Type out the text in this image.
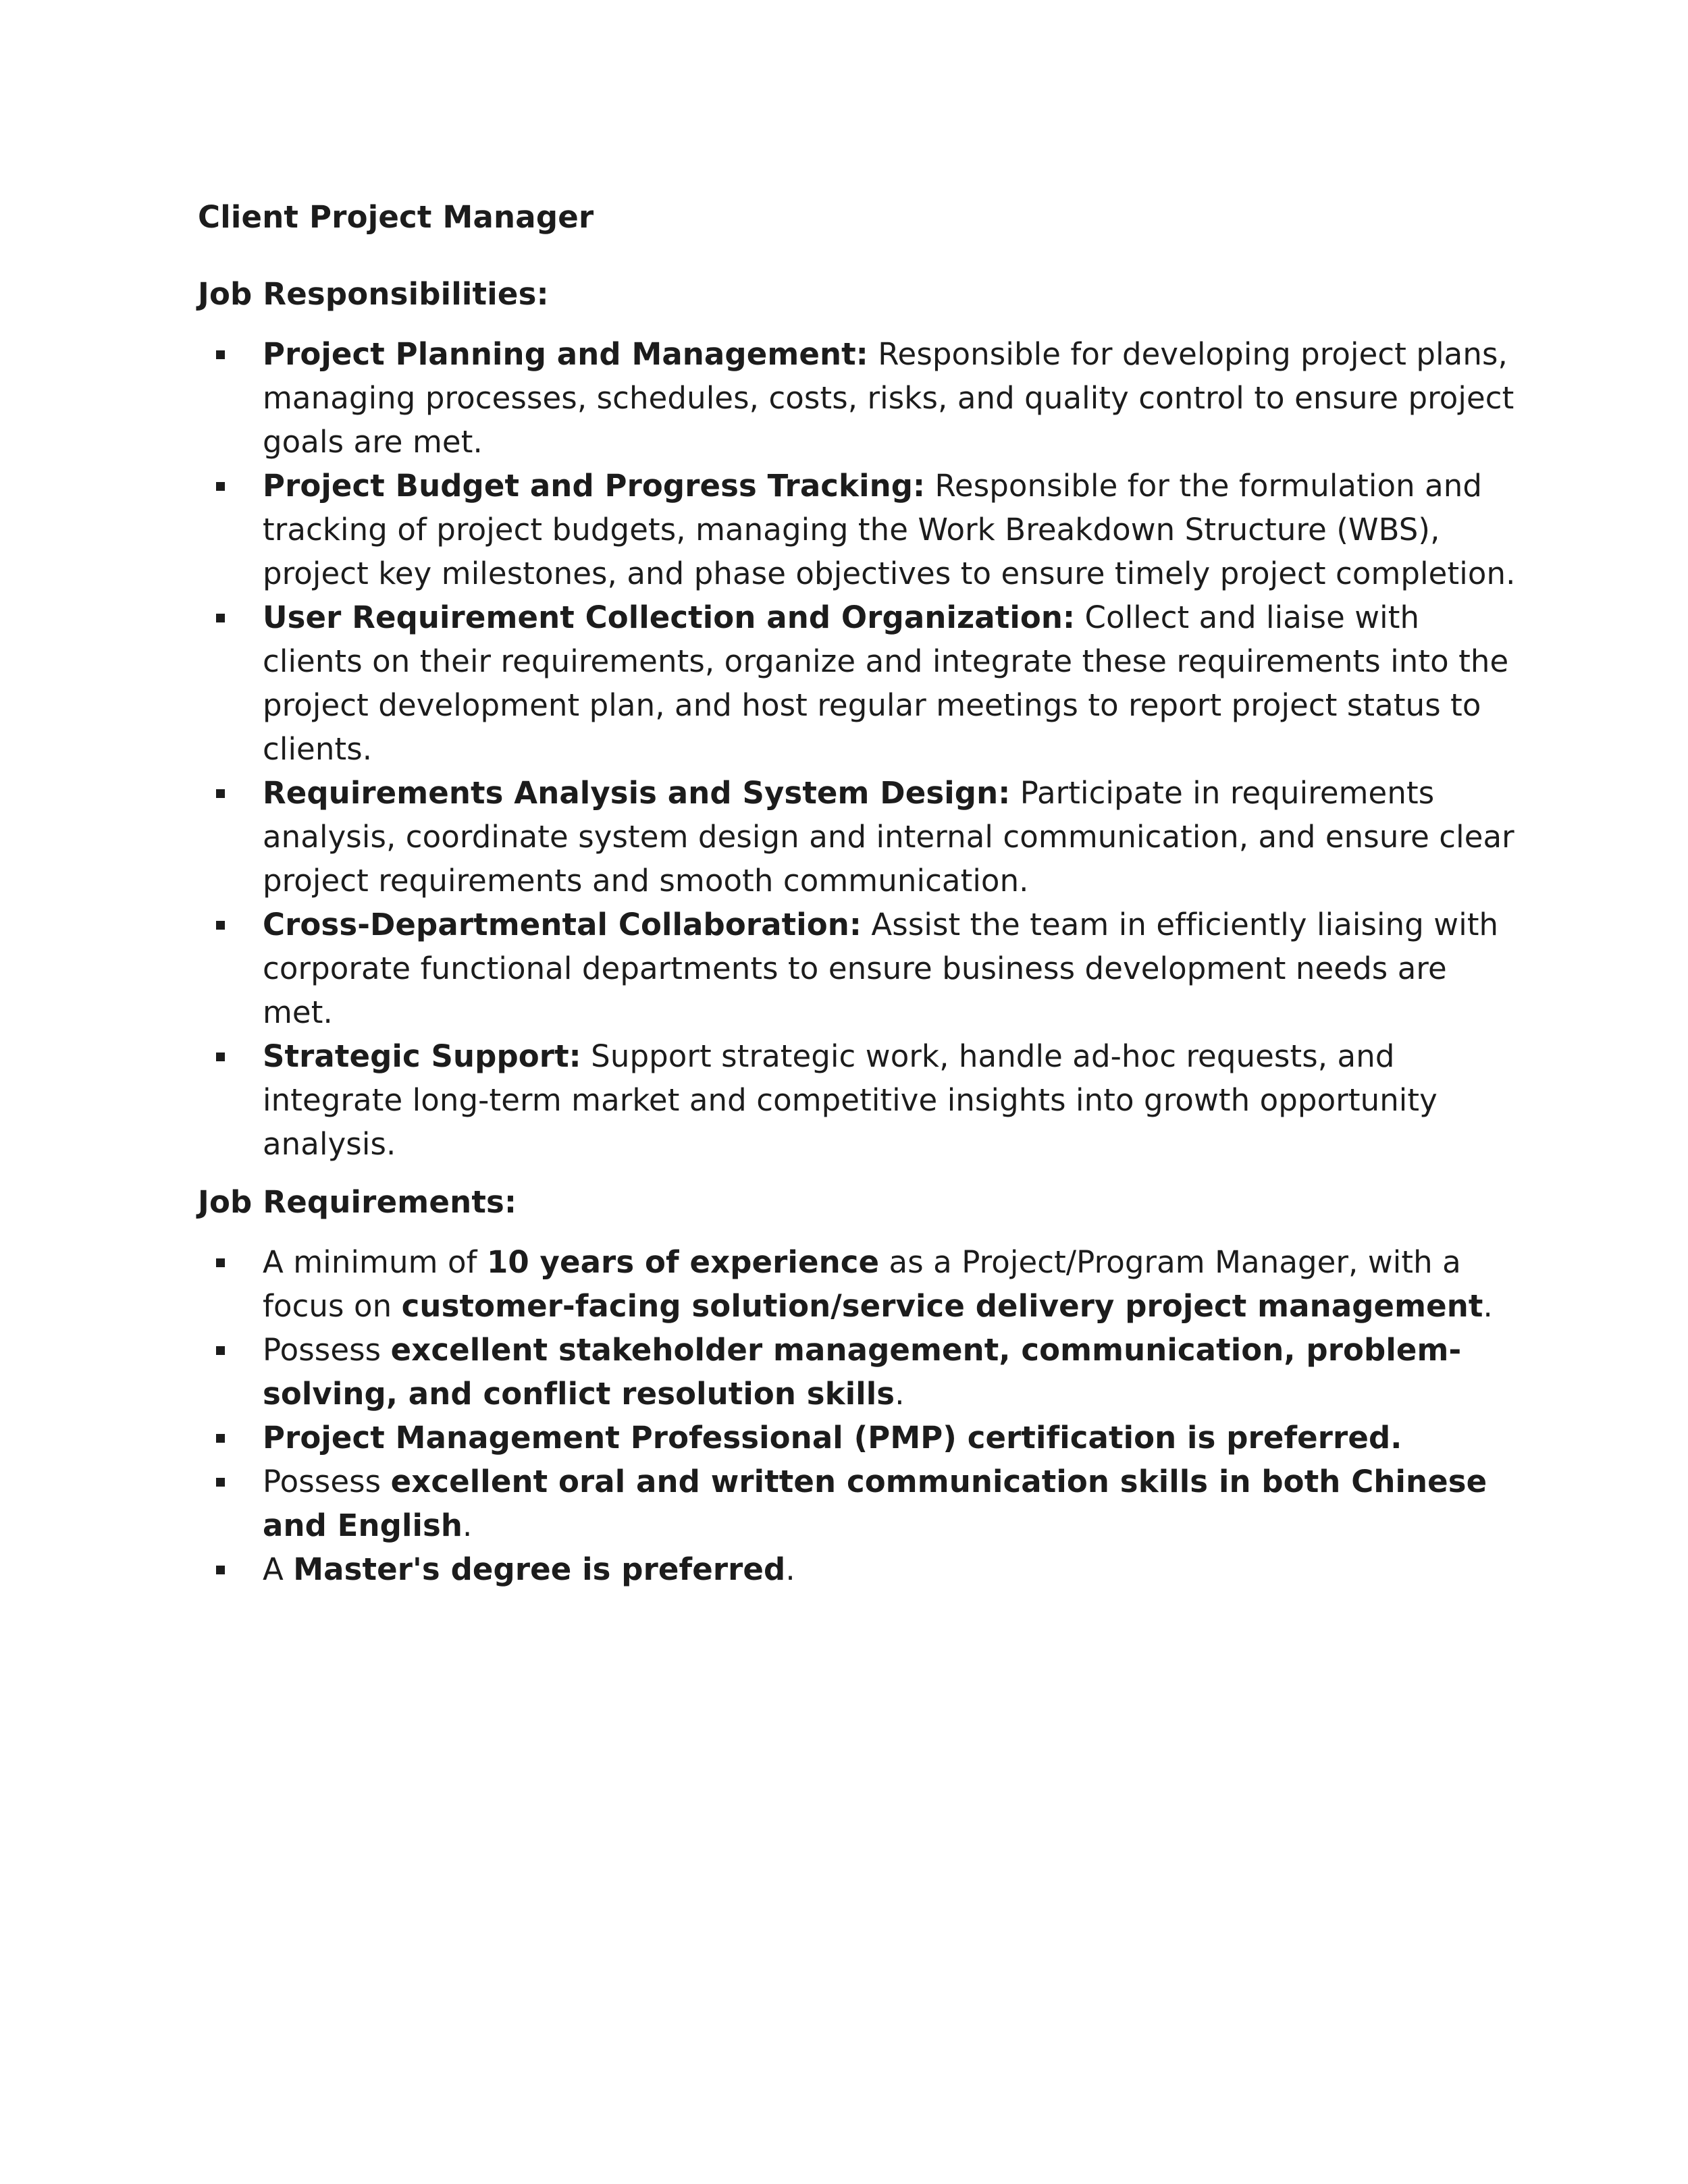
Client Project Manager
Job Responsibilities:
Project Planning and Management: Responsible for developing project plans, managing processes, schedules, costs, risks, and quality control to ensure project goals are met.
Project Budget and Progress Tracking: Responsible for the formulation and tracking of project budgets, managing the Work Breakdown Structure (WBS), project key milestones, and phase objectives to ensure timely project completion.
User Requirement Collection and Organization: Collect and liaise with clients on their requirements, organize and integrate these requirements into the project development plan, and host regular meetings to report project status to clients.
Requirements Analysis and System Design: Participate in requirements analysis, coordinate system design and internal communication, and ensure clear project requirements and smooth communication.
Cross-Departmental Collaboration: Assist the team in efficiently liaising with corporate functional departments to ensure business development needs are met.
Strategic Support: Support strategic work, handle ad-hoc requests, and integrate long-term market and competitive insights into growth opportunity analysis.
Job Requirements:
A minimum of 10 years of experience as a Project/Program Manager, with a focus on customer-facing solution/service delivery project management.
Possess excellent stakeholder management, communication, problem-solving, and conflict resolution skills.
Project Management Professional (PMP) certification is preferred.
Possess excellent oral and written communication skills in both Chinese and English.
A Master's degree is preferred.
